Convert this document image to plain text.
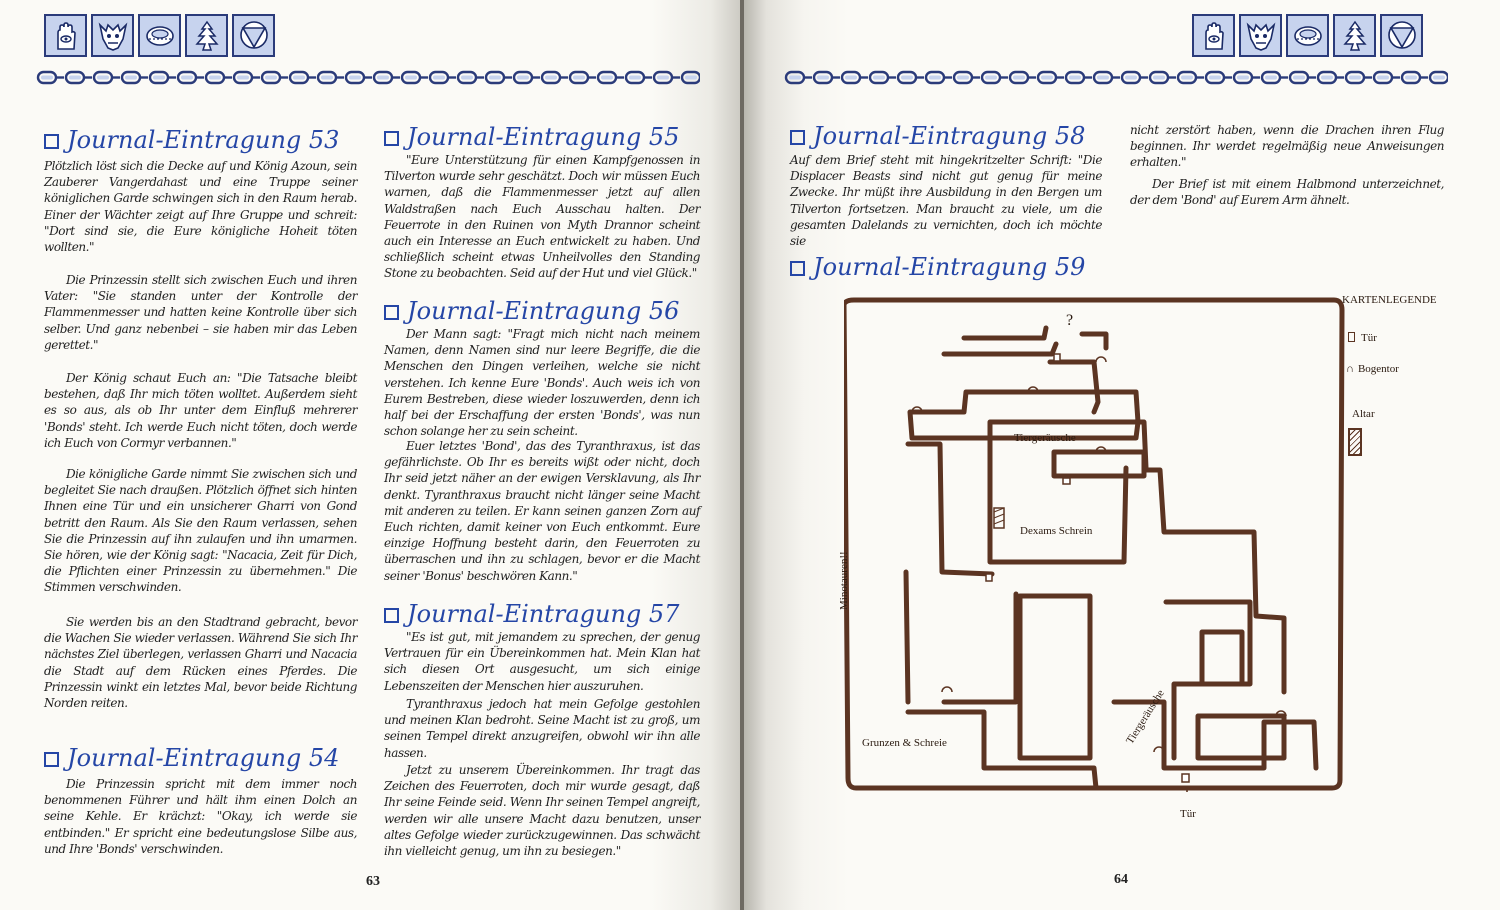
Journal-Eintragung 53

Plötzlich löst sich die Decke auf und König Azoun, sein Zauberer Vangerdahast und eine Truppe seiner königlichen Garde schwingen sich in den Raum herab. Einer der Wächter zeigt auf Ihre Gruppe und schreit: "Dort sind sie, die Eure königliche Hoheit töten wollten."

Die Prinzessin stellt sich zwischen Euch und ihren Vater: "Sie standen unter der Kontrolle der Flammenmesser und hatten keine Kontrolle über sich selber. Und ganz nebenbei – sie haben mir das Leben gerettet."

Der König schaut Euch an: "Die Tatsache bleibt bestehen, daß Ihr mich töten wolltet. Außerdem sieht es so aus, als ob Ihr unter dem Einfluß mehrerer 'Bonds' steht. Ich werde Euch nicht töten, doch werde ich Euch von Cormyr verbannen."

Die königliche Garde nimmt Sie zwischen sich und begleitet Sie nach draußen. Plötzlich öffnet sich hinten Ihnen eine Tür und ein unsicherer Gharri von Gond betritt den Raum. Als Sie den Raum verlassen, sehen Sie die Prinzessin auf ihn zulaufen und ihn umarmen. Sie hören, wie der König sagt: "Nacacia, Zeit für Dich, die Pflichten einer Prinzessin zu übernehmen." Die Stimmen verschwinden.

Sie werden bis an den Stadtrand gebracht, bevor die Wachen Sie wieder verlassen. Während Sie sich Ihr nächstes Ziel überlegen, verlassen Gharri und Nacacia die Stadt auf dem Rücken eines Pferdes. Die Prinzessin winkt ein letztes Mal, bevor beide Richtung Norden reiten.

Journal-Eintragung 54

Die Prinzessin spricht mit dem immer noch benommenen Führer und hält ihm einen Dolch an seine Kehle. Er krächzt: "Okay, ich werde sie entbinden." Er spricht eine bedeutungslose Silbe aus, und Ihre 'Bonds' verschwinden.

Journal-Eintragung 55

"Eure Unterstützung für einen Kampfgenossen in Tilverton wurde sehr geschätzt. Doch wir müssen Euch warnen, daß die Flammenmesser jetzt auf allen Waldstraßen nach Euch Ausschau halten. Der Feuerrote in den Ruinen von Myth Drannor scheint auch ein Interesse an Euch entwickelt zu haben. Und schließlich scheint etwas Unheilvolles den Standing Stone zu beobachten. Seid auf der Hut und viel Glück."

Journal-Eintragung 56

Der Mann sagt: "Fragt mich nicht nach meinem Namen, denn Namen sind nur leere Begriffe, die die Menschen den Dingen verleihen, welche sie nicht verstehen. Ich kenne Eure 'Bonds'. Auch weis ich von Eurem Bestreben, diese wieder loszuwerden, denn ich half bei der Erschaffung der ersten 'Bonds', was nun schon solange her zu sein scheint.

Euer letztes 'Bond', das des Tyranthraxus, ist das gefährlichste. Ob Ihr es bereits wißt oder nicht, doch Ihr seid jetzt näher an der ewigen Versklavung, als Ihr denkt. Tyranthraxus braucht nicht länger seine Macht mit anderen zu teilen. Er kann seinen ganzen Zorn auf Euch richten, damit keiner von Euch entkommt. Eure einzige Hoffnung besteht darin, den Feuerroten zu überraschen und ihn zu schlagen, bevor er die Macht seiner 'Bonus' beschwören Kann."

Journal-Eintragung 57

"Es ist gut, mit jemandem zu sprechen, der genug Vertrauen für ein Übereinkommen hat. Mein Klan hat sich diesen Ort ausgesucht, um sich einige Lebenszeiten der Menschen hier auszuruhen.

Tyranthraxus jedoch hat mein Gefolge gestohlen und meinen Klan bedroht. Seine Macht ist zu groß, um seinen Tempel direkt anzugreifen, obwohl wir ihn alle hassen.

Jetzt zu unserem Übereinkommen. Ihr tragt das Zeichen des Feuerroten, doch mir wurde gesagt, daß Ihr seine Feinde seid. Wenn Ihr seinen Tempel angreift, werden wir alle unsere Macht dazu benutzen, unser altes Gefolge wieder zurückzugewinnen. Das schwächt ihn vielleicht genug, um ihn zu besiegen."

63
Journal-Eintragung 58

Auf dem Brief steht mit hingekritzelter Schrift: "Die Displacer Beasts sind nicht gut genug für meine Zwecke. Ihr müßt ihre Ausbildung in den Bergen um Tilverton fortsetzen. Man braucht zu viele, um die gesamten Dalelands zu vernichten, doch ich möchte sie

nicht zerstört haben, wenn die Drachen ihren Flug beginnen. Ihr werdet regelmäßig neue Anweisungen erhalten."

Der Brief ist mit einem Halbmond unterzeichnet, der dem 'Bond' auf Eurem Arm ähnelt.

Journal-Eintragung 59
64
?
Tiergeräusche
Dexams Schrein
Minotauren!!
Tiergeräusche
Grunzen & Schreie
Tür
KARTENLEGENDE
Tür
∩ Bogentor
Altar
